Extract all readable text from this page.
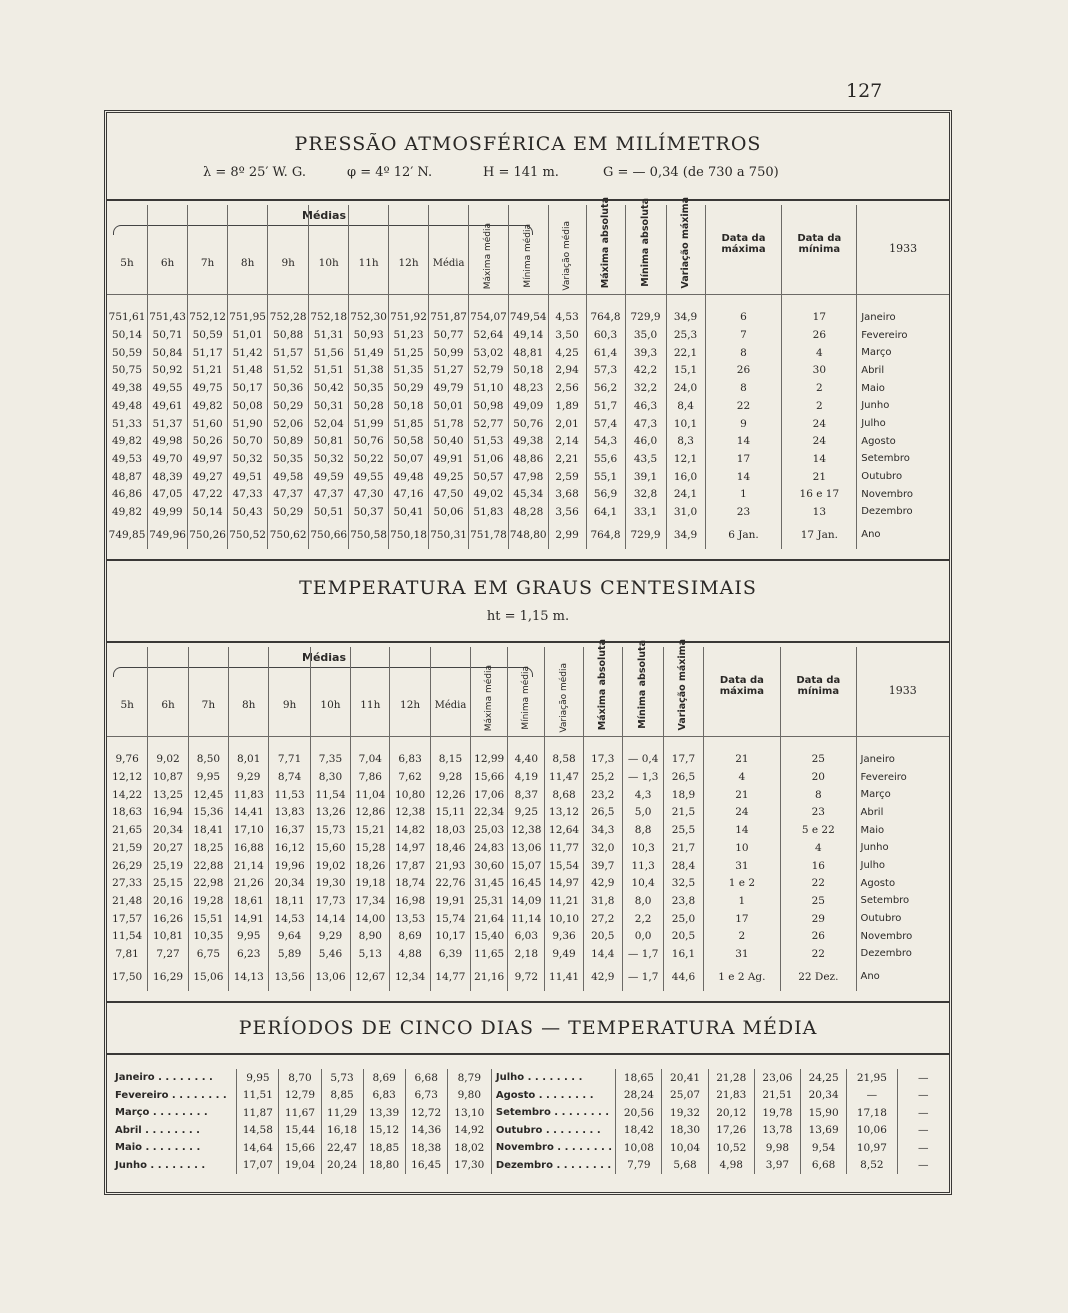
127
PRESSÃO ATMOSFÉRICA EM MILÍMETROS
λ = 8º 25′ W. G.	φ = 4º 12′ N.	H = 141 m.	G = — 0,34 (de 730 a 750)
Médias
5h	6h	7h	8h	9h	10h	11h	12h	Média	Máxima média	Mínima média	Variação média	Máxima absoluta	Mínima absoluta	Variação máxima	Data da máxima	Data da mínima	1933

751,61	751,43	752,12	751,95	752,28	752,18	752,30	751,92	751,87	754,07	749,54	4,53	764,8	729,9	34,9	6	17	Janeiro
50,14	50,71	50,59	51,01	50,88	51,31	50,93	51,23	50,77	52,64	49,14	3,50	60,3	35,0	25,3	7	26	Fevereiro
50,59	50,84	51,17	51,42	51,57	51,56	51,49	51,25	50,99	53,02	48,81	4,25	61,4	39,3	22,1	8	4	Março
50,75	50,92	51,21	51,48	51,52	51,51	51,38	51,35	51,27	52,79	50,18	2,94	57,3	42,2	15,1	26	30	Abril
49,38	49,55	49,75	50,17	50,36	50,42	50,35	50,29	49,79	51,10	48,23	2,56	56,2	32,2	24,0	8	2	Maio
49,48	49,61	49,82	50,08	50,29	50,31	50,28	50,18	50,01	50,98	49,09	1,89	51,7	46,3	8,4	22	2	Junho
51,33	51,37	51,60	51,90	52,06	52,04	51,99	51,85	51,78	52,77	50,76	2,01	57,4	47,3	10,1	9	24	Julho
49,82	49,98	50,26	50,70	50,89	50,81	50,76	50,58	50,40	51,53	49,38	2,14	54,3	46,0	8,3	14	24	Agosto
49,53	49,70	49,97	50,32	50,35	50,32	50,22	50,07	49,91	51,06	48,86	2,21	55,6	43,5	12,1	17	14	Setembro
48,87	48,39	49,27	49,51	49,58	49,59	49,55	49,48	49,25	50,57	47,98	2,59	55,1	39,1	16,0	14	21	Outubro
46,86	47,05	47,22	47,33	47,37	47,37	47,30	47,16	47,50	49,02	45,34	3,68	56,9	32,8	24,1	1	16 e 17	Novembro
49,82	49,99	50,14	50,43	50,29	50,51	50,37	50,41	50,06	51,83	48,28	3,56	64,1	33,1	31,0	23	13	Dezembro
749,85	749,96	750,26	750,52	750,62	750,66	750,58	750,18	750,31	751,78	748,80	2,99	764,8	729,9	34,9	6 Jan.	17 Jan.	Ano
TEMPERATURA EM GRAUS CENTESIMAIS
ht = 1,15 m.
Médias
5h	6h	7h	8h	9h	10h	11h	12h	Média	Máxima média	Mínima média	Variação média	Máxima absoluta	Mínima absoluta	Variação máxima	Data da máxima	Data da mínima	1933

9,76	9,02	8,50	8,01	7,71	7,35	7,04	6,83	8,15	12,99	4,40	8,58	17,3	— 0,4	17,7	21	25	Janeiro
12,12	10,87	9,95	9,29	8,74	8,30	7,86	7,62	9,28	15,66	4,19	11,47	25,2	— 1,3	26,5	4	20	Fevereiro
14,22	13,25	12,45	11,83	11,53	11,54	11,04	10,80	12,26	17,06	8,37	8,68	23,2	4,3	18,9	21	8	Março
18,63	16,94	15,36	14,41	13,83	13,26	12,86	12,38	15,11	22,34	9,25	13,12	26,5	5,0	21,5	24	23	Abril
21,65	20,34	18,41	17,10	16,37	15,73	15,21	14,82	18,03	25,03	12,38	12,64	34,3	8,8	25,5	14	5 e 22	Maio
21,59	20,27	18,25	16,88	16,12	15,60	15,28	14,97	18,46	24,83	13,06	11,77	32,0	10,3	21,7	10	4	Junho
26,29	25,19	22,88	21,14	19,96	19,02	18,26	17,87	21,93	30,60	15,07	15,54	39,7	11,3	28,4	31	16	Julho
27,33	25,15	22,98	21,26	20,34	19,30	19,18	18,74	22,76	31,45	16,45	14,97	42,9	10,4	32,5	1 e 2	22	Agosto
21,48	20,16	19,28	18,61	18,11	17,73	17,34	16,98	19,91	25,31	14,09	11,21	31,8	8,0	23,8	1	25	Setembro
17,57	16,26	15,51	14,91	14,53	14,14	14,00	13,53	15,74	21,64	11,14	10,10	27,2	2,2	25,0	17	29	Outubro
11,54	10,81	10,35	9,95	9,64	9,29	8,90	8,69	10,17	15,40	6,03	9,36	20,5	0,0	20,5	2	26	Novembro
7,81	7,27	6,75	6,23	5,89	5,46	5,13	4,88	6,39	11,65	2,18	9,49	14,4	— 1,7	16,1	31	22	Dezembro
17,50	16,29	15,06	14,13	13,56	13,06	12,67	12,34	14,77	21,16	9,72	11,41	42,9	— 1,7	44,6	1 e 2 Ag.	22 Dez.	Ano
PERÍODOS DE CINCO DIAS — TEMPERATURA MÉDIA
Janeiro . . . . . . . .	9,95	8,70	5,73	8,69	6,68	8,79	Julho . . . . . . . .	18,65	20,41	21,28	23,06	24,25	21,95	—
Fevereiro . . . . . . . .	11,51	12,79	8,85	6,83	6,73	9,80	Agosto . . . . . . . .	28,24	25,07	21,83	21,51	20,34	—	—
Março . . . . . . . .	11,87	11,67	11,29	13,39	12,72	13,10	Setembro . . . . . . . .	20,56	19,32	20,12	19,78	15,90	17,18	—
Abril . . . . . . . .	14,58	15,44	16,18	15,12	14,36	14,92	Outubro . . . . . . . .	18,42	18,30	17,26	13,78	13,69	10,06	—
Maio . . . . . . . .	14,64	15,66	22,47	18,85	18,38	18,02	Novembro . . . . . . . .	10,08	10,04	10,52	9,98	9,54	10,97	—
Junho . . . . . . . .	17,07	19,04	20,24	18,80	16,45	17,30	Dezembro . . . . . . . .	7,79	5,68	4,98	3,97	6,68	8,52	—
